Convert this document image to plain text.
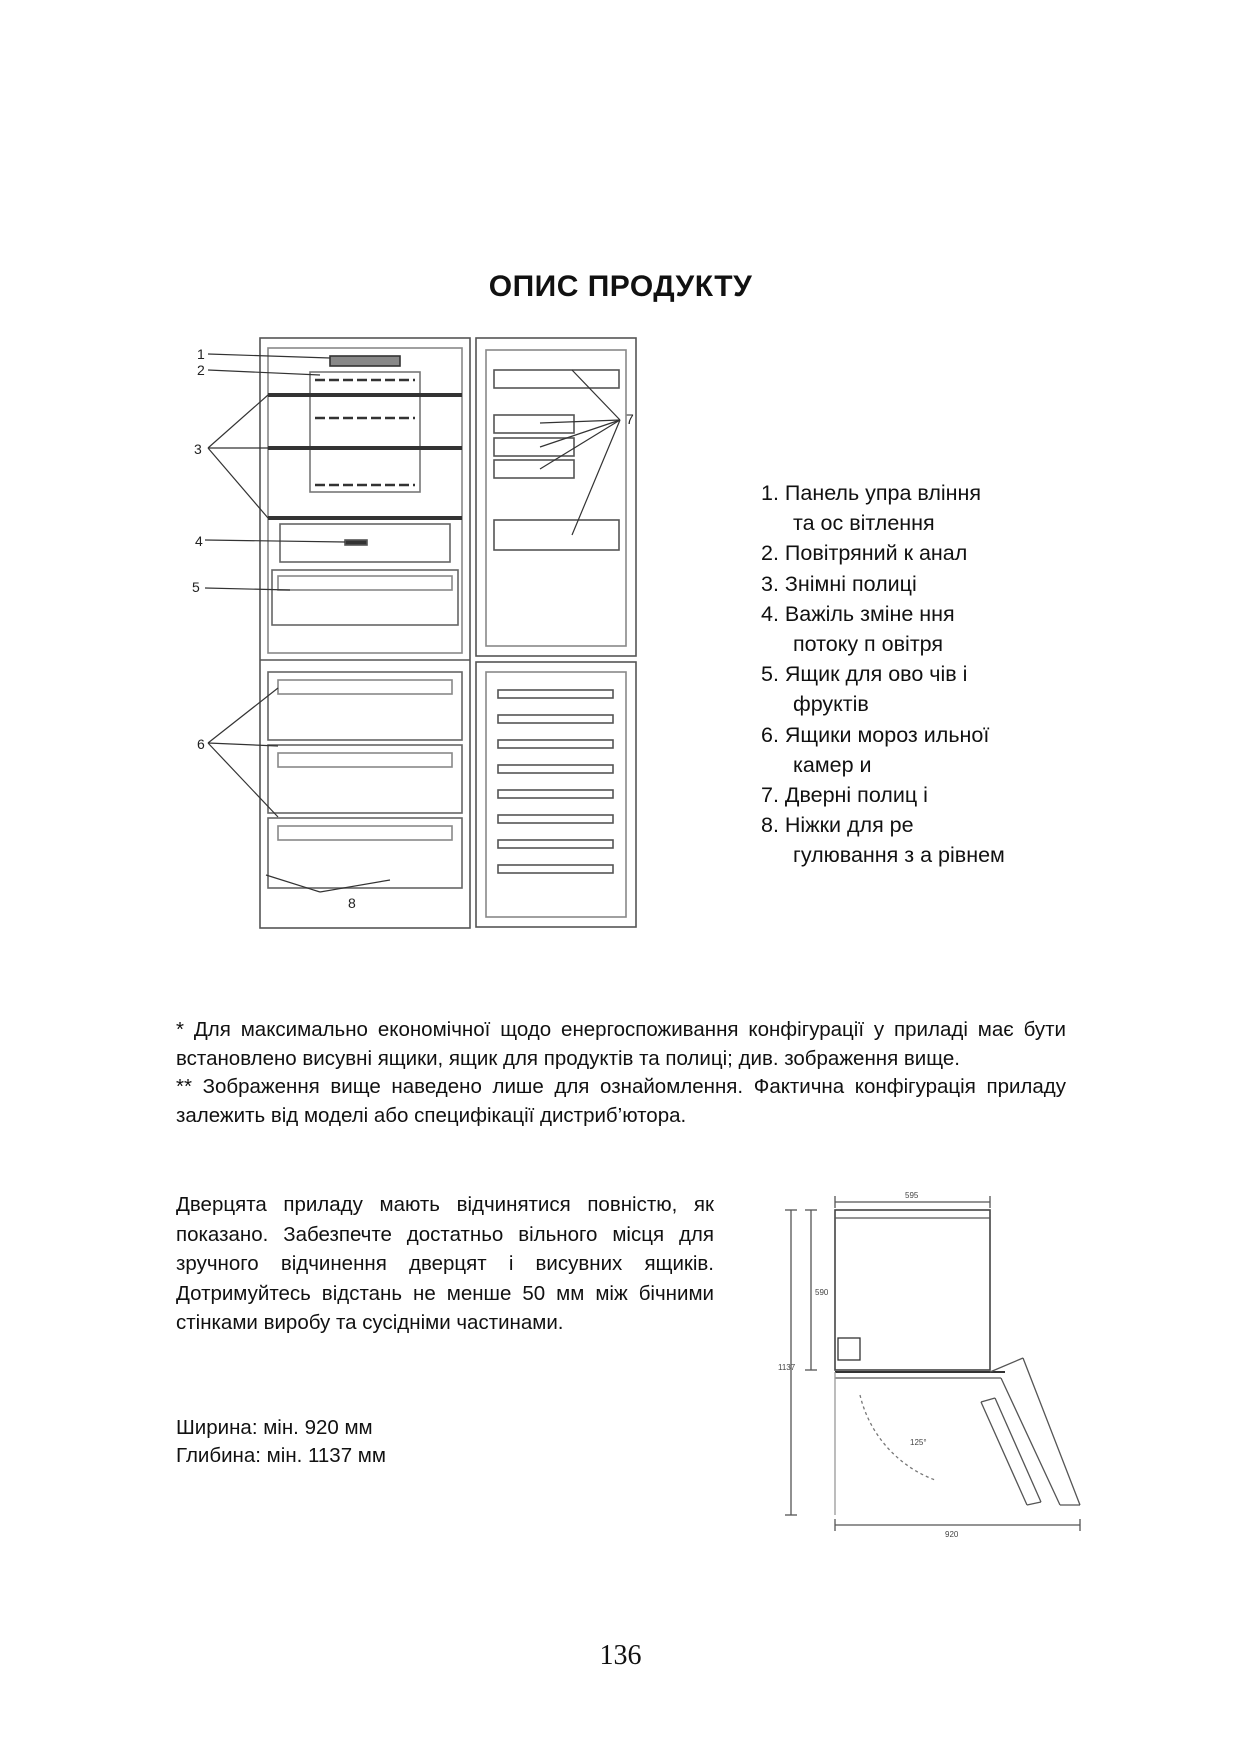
ОПИС ПРОДУКТУ
1
2
3
4
5
6
7
8
1. Панель упра вління
та ос вітлення
2. Повітряний к анал
3. Знімні полиці
4. Важіль зміне ння
потоку п овітря
5. Ящик для ово чів і
фруктів
6. Ящики мороз ильної
камер и
7. Дверні полиц і
8. Ніжки для ре
гулювання з а рівнем

* Для максимально економічної щодо енергоспоживання конфігурації у приладі має бути встановлено висувні ящики, ящик для продуктів та полиці; див. зображення вище.

** Зображення вище наведено лише для ознайомлення. Фактична конфігурація приладу залежить від моделі або специфікації дистриб’ютора.

Дверцята приладу мають відчинятися повністю, як показано. Забезпечте достатньо вільного місця для зручного відчинення дверцят і висувних ящиків. Дотримуйтесь відстань не менше 50 мм між бічними стінками виробу та сусідніми частинами.

Ширина: мін. 920 мм
Глибина: мін. 1137 мм
595
590
1137
125°
920
136
